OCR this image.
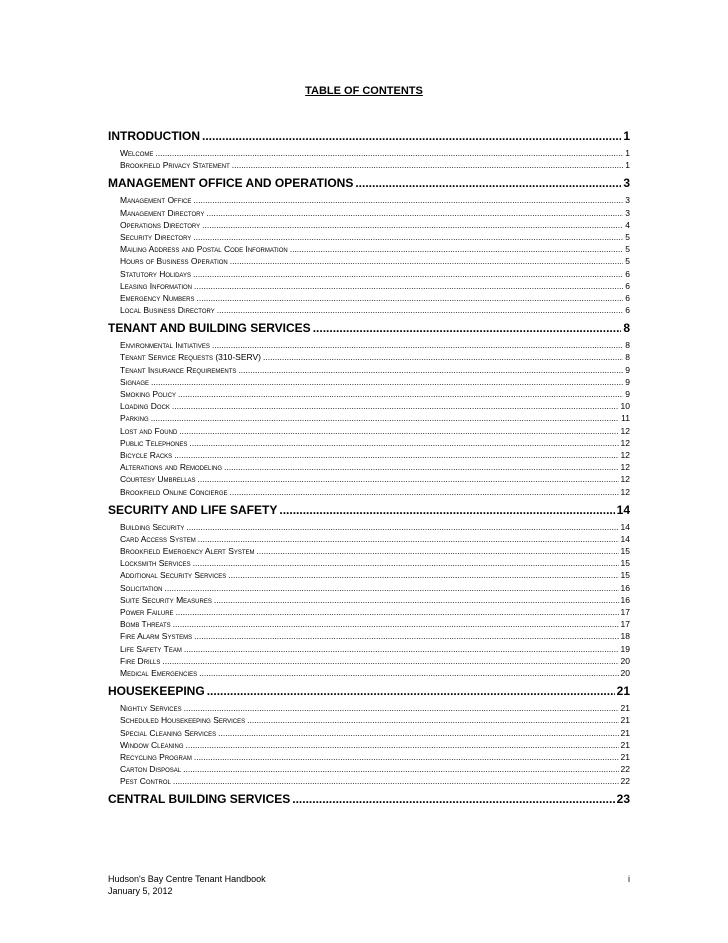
TABLE OF CONTENTS
INTRODUCTION .....	1
Welcome .....	1
Brookfield Privacy Statement .....	1
MANAGEMENT OFFICE AND OPERATIONS .....	3
Management Office .....	3
Management Directory .....	3
Operations Directory .....	4
Security Directory .....	5
Mailing Address and Postal Code Information .....	5
Hours of Business Operation .....	5
Statutory Holidays .....	6
Leasing Information .....	6
Emergency Numbers .....	6
Local Business Directory .....	6
TENANT AND BUILDING SERVICES .....	8
Environmental Initiatives .....	8
Tenant Service Requests (310-SERV) .....	8
Tenant Insurance Requirements .....	9
Signage .....	9
Smoking Policy .....	9
Loading Dock .....	10
Parking .....	11
Lost and Found .....	12
Public Telephones .....	12
Bicycle Racks .....	12
Alterations and Remodeling .....	12
Courtesy Umbrellas .....	12
Brookfield Online Concierge .....	12
SECURITY AND LIFE SAFETY .....	14
Building Security .....	14
Card Access System .....	14
Brookfield Emergency Alert System .....	15
Locksmith Services .....	15
Additional Security Services .....	15
Solicitation .....	16
Suite Security Measures .....	16
Power Failure .....	17
Bomb Threats .....	17
Fire Alarm Systems .....	18
Life Safety Team .....	19
Fire Drills .....	20
Medical Emergencies .....	20
HOUSEKEEPING .....	21
Nightly Services .....	21
Scheduled Housekeeping Services .....	21
Special Cleaning Services .....	21
Window Cleaning .....	21
Recycling Program .....	21
Carton Disposal .....	22
Pest Control .....	22
CENTRAL BUILDING SERVICES .....	23
Hudson's Bay Centre Tenant Handbook	i
January 5, 2012
